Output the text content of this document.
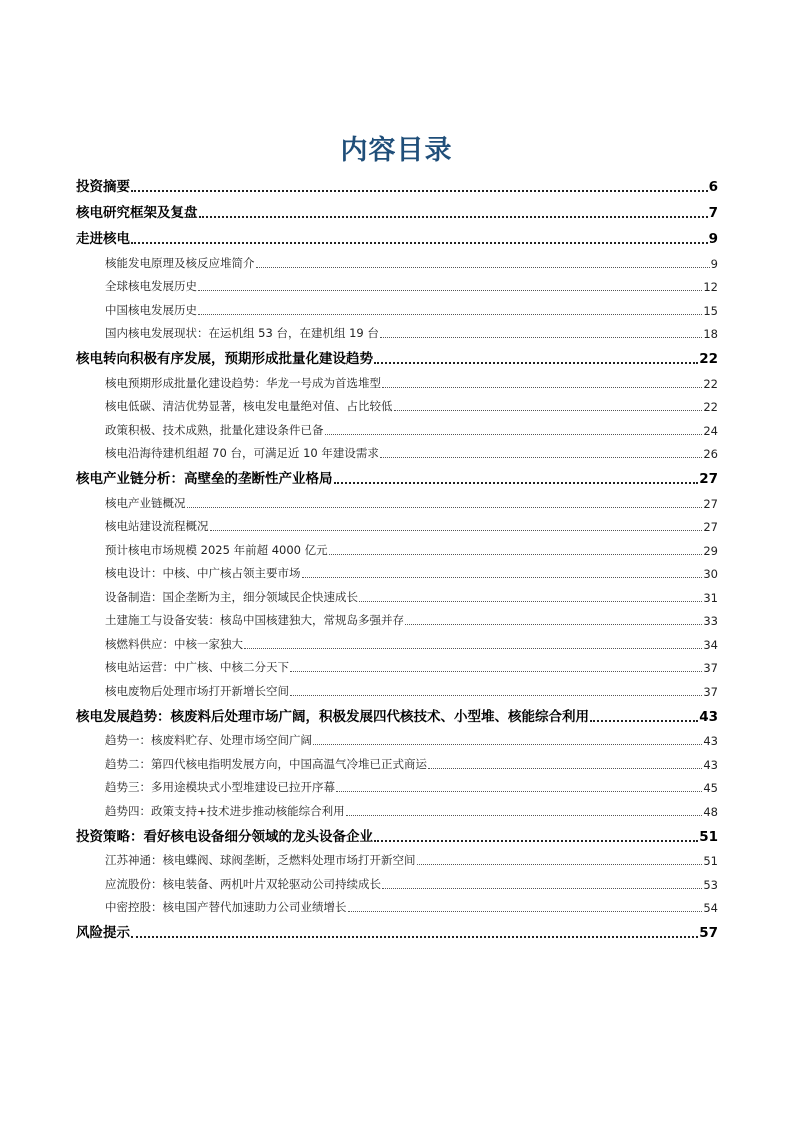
内容目录
投资摘要	6
核电研究框架及复盘	7
走进核电	9
核能发电原理及核反应堆简介	9
全球核电发展历史	12
中国核电发展历史	15
国内核电发展现状：在运机组 53 台，在建机组 19 台	18
核电转向积极有序发展，预期形成批量化建设趋势	22
核电预期形成批量化建设趋势：华龙一号成为首选堆型	22
核电低碳、清洁优势显著，核电发电量绝对值、占比较低	22
政策积极、技术成熟，批量化建设条件已备	24
核电沿海待建机组超 70 台，可满足近 10 年建设需求	26
核电产业链分析：高壁垒的垄断性产业格局	27
核电产业链概况	27
核电站建设流程概况	27
预计核电市场规模 2025 年前超 4000 亿元	29
核电设计：中核、中广核占领主要市场	30
设备制造：国企垄断为主，细分领域民企快速成长	31
土建施工与设备安装：核岛中国核建独大，常规岛多强并存	33
核燃料供应：中核一家独大	34
核电站运营：中广核、中核二分天下	37
核电废物后处理市场打开新增长空间	37
核电发展趋势：核废料后处理市场广阔，积极发展四代核技术、小型堆、核能综合利用	43
趋势一：核废料贮存、处理市场空间广阔	43
趋势二：第四代核电指明发展方向，中国高温气冷堆已正式商运	43
趋势三：多用途模块式小型堆建设已拉开序幕	45
趋势四：政策支持+技术进步推动核能综合利用	48
投资策略：看好核电设备细分领域的龙头设备企业	51
江苏神通：核电蝶阀、球阀垄断，乏燃料处理市场打开新空间	51
应流股份：核电装备、两机叶片双轮驱动公司持续成长	53
中密控股：核电国产替代加速助力公司业绩增长	54
风险提示	57
